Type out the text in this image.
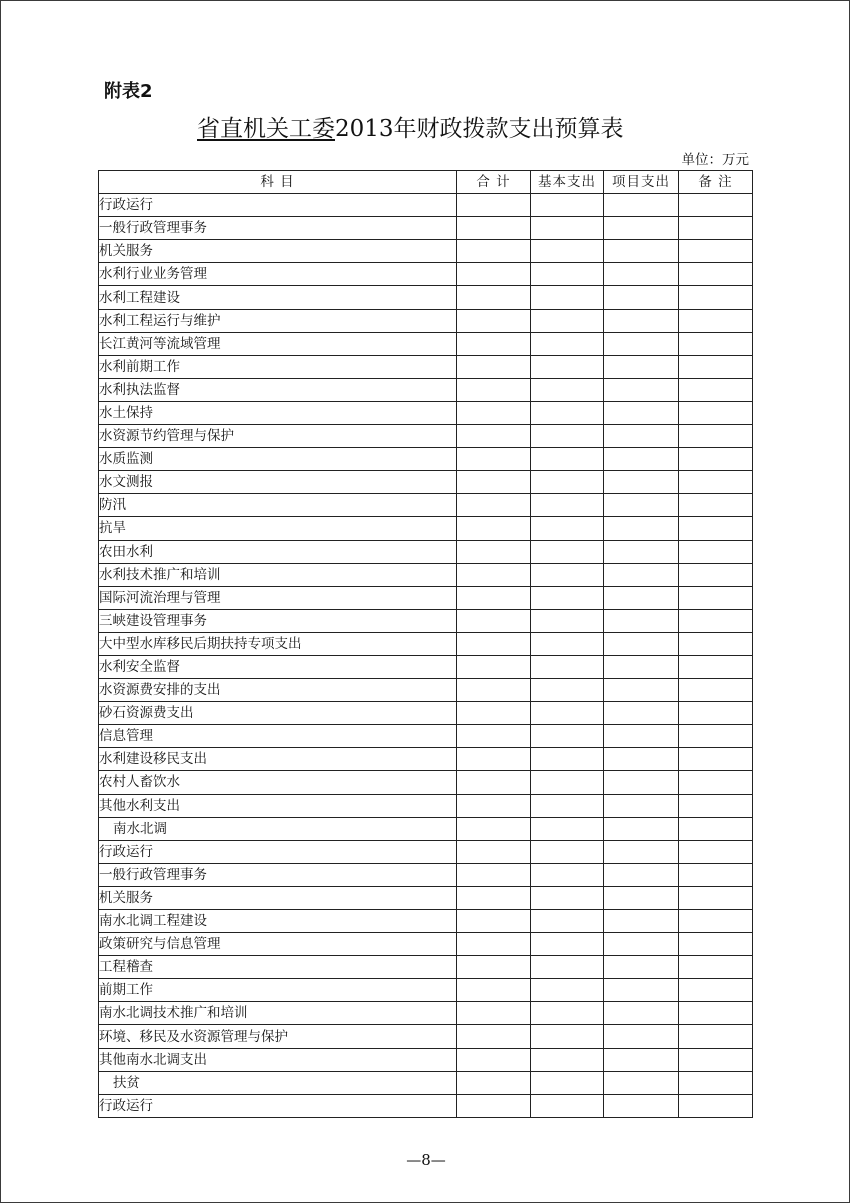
附表2
省直机关工委2013年财政拨款支出预算表
单位：万元
科 目	合 计	基本支出	项目支出	备 注
行政运行				
一般行政管理事务				
机关服务				
水利行业业务管理				
水利工程建设				
水利工程运行与维护				
长江黄河等流域管理				
水利前期工作				
水利执法监督				
水土保持				
水资源节约管理与保护				
水质监测				
水文测报				
防汛				
抗旱				
农田水利				
水利技术推广和培训				
国际河流治理与管理				
三峡建设管理事务				
大中型水库移民后期扶持专项支出				
水利安全监督				
水资源费安排的支出				
砂石资源费支出				
信息管理				
水利建设移民支出				
农村人畜饮水				
其他水利支出				
南水北调				
行政运行				
一般行政管理事务				
机关服务				
南水北调工程建设				
政策研究与信息管理				
工程稽查				
前期工作				
南水北调技术推广和培训				
环境、移民及水资源管理与保护				
其他南水北调支出				
扶贫				
行政运行				
—8—
